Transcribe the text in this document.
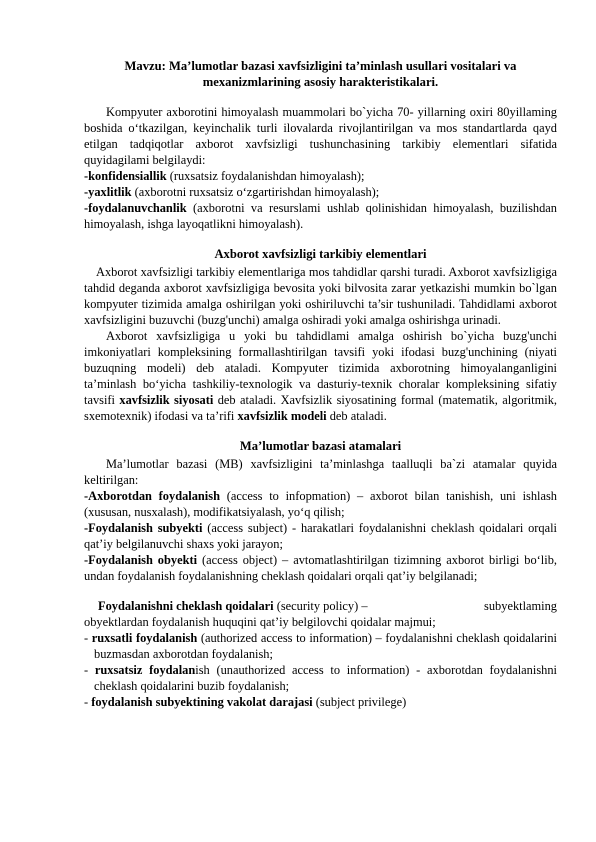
Mavzu: Ma’lumotlar bazasi xavfsizligini ta’minlash usullari vositalari va mexanizmlarining asosiy harakteristikalari.

Kompyuter axborotini himoyalash muammolari bo`yicha 70- yillarning oxiri 80yillaming boshida o‘tkazilgan, keyinchalik turli ilovalarda rivojlantirilgan va mos standartlarda qayd etilgan tadqiqotlar axborot xavfsizligi tushunchasining tarkibiy elementlari sifatida quyidagilami belgilaydi:

-konfidensiallik (ruxsatsiz foydalanishdan himoyalash);

-yaxlitlik (axborotni ruxsatsiz o‘zgartirishdan himoyalash);

-foydalanuvchanlik (axborotni va resurslami ushlab qolinishidan himoyalash, buzilishdan himoyalash, ishga layoqatlikni himoyalash).

Axborot xavfsizligi tarkibiy elementlari

Axborot xavfsizligi tarkibiy elementlariga mos tahdidlar qarshi turadi. Axborot xavfsizligiga tahdid deganda axborot xavfsizligiga bevosita yoki bilvosita zarar yetkazishi mumkin bo`lgan kompyuter tizimida amalga oshirilgan yoki oshiriluvchi ta’sir tushuniladi. Tahdidlami axborot xavfsizligini buzuvchi (buzg'unchi) amalga oshiradi yoki amalga oshirishga urinadi.

Axborot xavfsizligiga u yoki bu tahdidlami amalga oshirish bo`yicha buzg'unchi imkoniyatlari kompleksining formallashtirilgan tavsifi yoki ifodasi buzg'unchining (niyati buzuqning modeli) deb ataladi. Kompyuter tizimida axborotning himoyalanganligini ta’minlash bo‘yicha tashkiliy-texnologik va dasturiy-texnik choralar kompleksining sifatiy tavsifi xavfsizlik siyosati deb ataladi. Xavfsizlik siyosatining formal (matematik, algoritmik, sxemotexnik) ifodasi va ta’rifi xavfsizlik modeli deb ataladi.

Ma’lumotlar bazasi atamalari

Ma’lumotlar bazasi (MB) xavfsizligini ta’minlashga taalluqli ba`zi atamalar quyida keltirilgan:

-Axborotdan foydalanish (access to infopmation) – axborot bilan tanishish, uni ishlash (xususan, nusxalash), modifikatsiyalash, yo‘q qilish;

-Foydalanish subyekti (access subject) - harakatlari foydalanishni cheklash qoidalari orqali qat’iy belgilanuvchi shaxs yoki jarayon;

-Foydalanish obyekti (access object) – avtomatlashtirilgan tizimning axborot birligi bo‘lib, undan foydalanish foydalanishning cheklash qoidalari orqali qat’iy belgilanadi;

Foydalanishni cheklash qoidalari (security policy) –	subyektlaming

obyektlardan foydalanish huquqini qat’iy belgilovchi qoidalar majmui;

- ruxsatli foydalanish (authorized access to information) – foydalanishni cheklash qoidalarini buzmasdan axborotdan foydalanish;

- ruxsatsiz foydalanish (unauthorized access to information) - axborotdan foydalanishni cheklash qoidalarini buzib foydalanish;

- foydalanish subyektining vakolat darajasi (subject privilege)
